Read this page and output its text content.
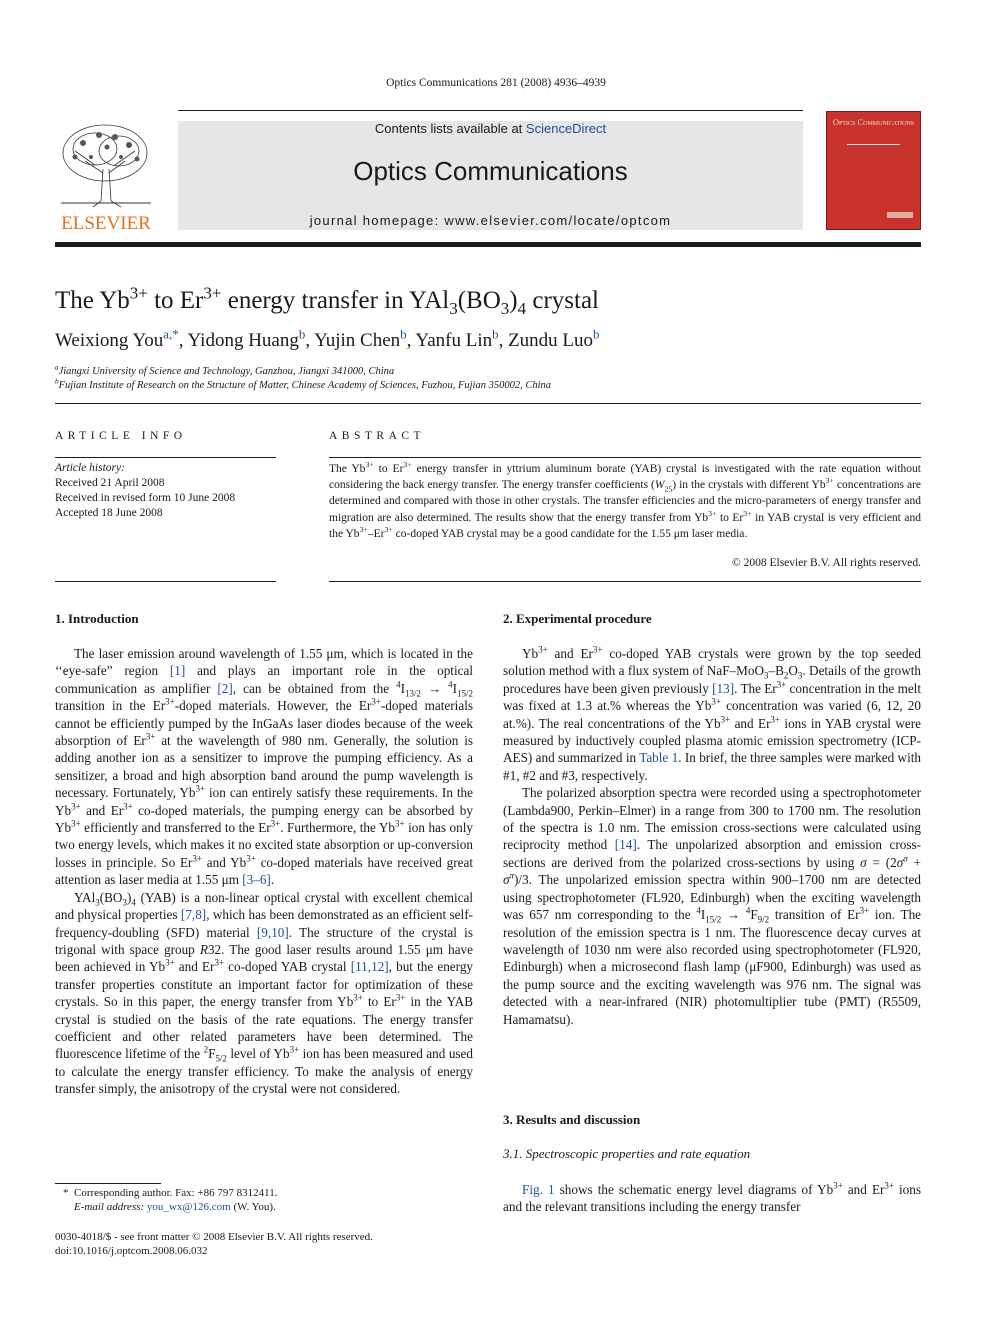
Optics Communications 281 (2008) 4936–4939
ELSEVIER
Contents lists available at ScienceDirect
Optics Communications
journal homepage: www.elsevier.com/locate/optcom
Optics Communications
The $Yb^{3+}$ to $Er^{3+}$ energy transfer in $YAl_3(BO_3)_4$ crystal
Weixiong You$^{a,*}$, Yidong Huang$^b$, Yujin Chen$^b$, Yanfu Lin$^b$, Zundu Luo$^b$
$^a$Jiangxi University of Science and Technology, Ganzhou, Jiangxi 341000, China
$^b$Fujian Institute of Research on the Structure of Matter, Chinese Academy of Sciences, Fuzhou, Fujian 350002, China
ARTICLE INFO
Article history:
Received 21 April 2008
Received in revised form 10 June 2008
Accepted 18 June 2008
ABSTRACT
The $Yb^{3+}$ to $Er^{3+}$ energy transfer in yttrium aluminum borate (YAB) crystal is investigated with the rate equation without considering the back energy transfer. The energy transfer coefficients $(W_{25})$ in the crystals with different $Yb^{3+}$ concentrations are determined and compared with those in other crystals. The transfer efficiencies and the micro-parameters of energy transfer and migration are also determined. The results show that the energy transfer from $Yb^{3+}$ to $Er^{3+}$ in YAB crystal is very efficient and the $Yb^{3+}-Er^{3+}$ co-doped YAB crystal may be a good candidate for the 1.55 μm laser media.
© 2008 Elsevier B.V. All rights reserved.
1. Introduction	2. Experimental procedure

The laser emission around wavelength of 1.55 μm, which is located in the ‘‘eye-safe” region [1] and plays an important role in the optical communication as amplifier [2], can be obtained from the $^4I_{13/2} \to ^4I_{15/2}$ transition in the $Er^{3+}$-doped materials. However, the $Er^{3+}$-doped materials cannot be efficiently pumped by the InGaAs laser diodes because of the week absorption of $Er^{3+}$ at the wavelength of 980 nm. Generally, the solution is adding another ion as a sensitizer to improve the pumping efficiency. As a sensitizer, a broad and high absorption band around the pump wavelength is necessary. Fortunately, $Yb^{3+}$ ion can entirely satisfy these requirements. In the $Yb^{3+}$ and $Er^{3+}$ co-doped materials, the pumping energy can be absorbed by $Yb^{3+}$ efficiently and transferred to the $Er^{3+}$. Furthermore, the $Yb^{3+}$ ion has only two energy levels, which makes it no excited state absorption or up-conversion losses in principle. So $Er^{3+}$ and $Yb^{3+}$ co-doped materials have received great attention as laser media at 1.55 μm [3–6].

$YAl_3(BO_3)_4$ (YAB) is a non-linear optical crystal with excellent chemical and physical properties [7,8], which has been demonstrated as an efficient self-frequency-doubling (SFD) material [9,10]. The structure of the crystal is trigonal with space group R32. The good laser results around 1.55 μm have been achieved in $Yb^{3+}$ and $Er^{3+}$ co-doped YAB crystal [11,12], but the energy transfer properties constitute an important factor for optimization of these crystals. So in this paper, the energy transfer from $Yb^{3+}$ to $Er^{3+}$ in the YAB crystal is studied on the basis of the rate equations. The energy transfer coefficient and other related parameters have been determined. The fluorescence lifetime of the $^2F_{5/2}$ level of $Yb^{3+}$ ion has been measured and used to calculate the energy transfer efficiency. To make the analysis of energy transfer simply, the anisotropy of the crystal were not considered.

$Yb^{3+}$ and $Er^{3+}$ co-doped YAB crystals were grown by the top seeded solution method with a flux system of NaF–$MoO_3-B_2O_3$. Details of the growth procedures have been given previously [13]. The $Er^{3+}$ concentration in the melt was fixed at 1.3 at.% whereas the $Yb^{3+}$ concentration was varied (6, 12, 20 at.%). The real concentrations of the $Yb^{3+}$ and $Er^{3+}$ ions in YAB crystal were measured by inductively coupled plasma atomic emission spectrometry (ICP-AES) and summarized in Table 1. In brief, the three samples were marked with #1, #2 and #3, respectively.

The polarized absorption spectra were recorded using a spectrophotometer (Lambda900, Perkin–Elmer) in a range from 300 to 1700 nm. The resolution of the spectra is 1.0 nm. The emission cross-sections were calculated using reciprocity method [14]. The unpolarized absorption and emission cross-sections are derived from the polarized cross-sections by using $\sigma = (2\sigma^\sigma + \sigma^\pi)/3$. The unpolarized emission spectra within 900–1700 nm are detected using spectrophotometer (FL920, Edinburgh) when the exciting wavelength was 657 nm corresponding to the $^4I_{15/2} \to ^4F_{9/2}$ transition of $Er^{3+}$ ion. The resolution of the emission spectra is 1 nm. The fluorescence decay curves at wavelength of 1030 nm were also recorded using spectrophotometer (FL920, Edinburgh) when a microsecond flash lamp (μF900, Edinburgh) was used as the pump source and the exciting wavelength was 976 nm. The signal was detected with a near-infrared (NIR) photomultiplier tube (PMT) (R5509, Hamamatsu).

3. Results and discussion
3.1. Spectroscopic properties and rate equation

Fig. 1 shows the schematic energy level diagrams of $Yb^{3+}$ and $Er^{3+}$ ions and the relevant transitions including the energy transfer

*  Corresponding author. Fax: +86 797 8312411.
E-mail address: you_wx@126.com (W. You).
0030-4018/$ - see front matter © 2008 Elsevier B.V. All rights reserved.
doi:10.1016/j.optcom.2008.06.032
